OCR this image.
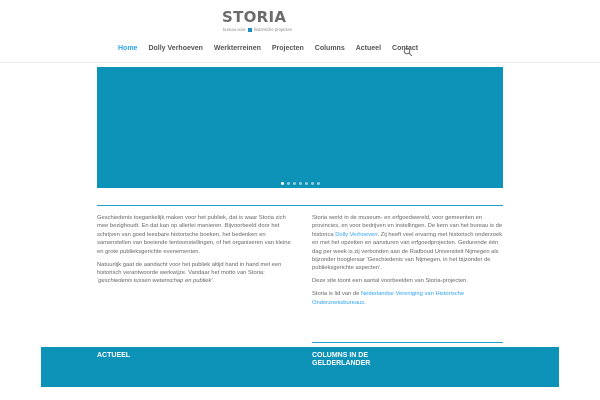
STORIA
bureau voor historische projecten
Home Dolly Verhoeven Werkterreinen Projecten Columns Actueel Contact

Geschiedenis toegankelijk maken voor het publiek, dat is waar Storia zich mee bezighoudt. En dat kan op allerlei manieren. Bijvoorbeeld door het schrijven van goed leesbare historische boeken, het bedenken en samenstellen van boeiende tentoonstellingen, of het organiseren van kleine en grote publieksgerichte evenementen.

Natuurlijk gaat de aandacht voor het publiek altijd hand in hand met een historisch verantwoorde werkwijze. Vandaar het motto van Storia: ‘geschiedenis tussen wetenschap en publiek’.

Storia werkt in de museum- en erfgoedwereld, voor gemeenten en provincies, en voor bedrijven en instellingen. De kern van het bureau is de historica Dolly Verhoeven. Zij heeft veel ervaring met historisch onderzoek en met het opzetten en aansturen van erfgoedprojecten. Gedurende één dag per week is zij verbonden aan de Radboud Universiteit Nijmegen als bijzonder hoogleraar ‘Geschiedenis van Nijmegen, in het bijzonder de publieksgerichte aspecten’.

Deze site toont een aantal voorbeelden van Storia-projecten.

Storia is lid van de Nederlandse Vereniging van Historische Onderzoeksbureaus.

ACTUEEL	COLUMNS IN DE GELDERLANDER
